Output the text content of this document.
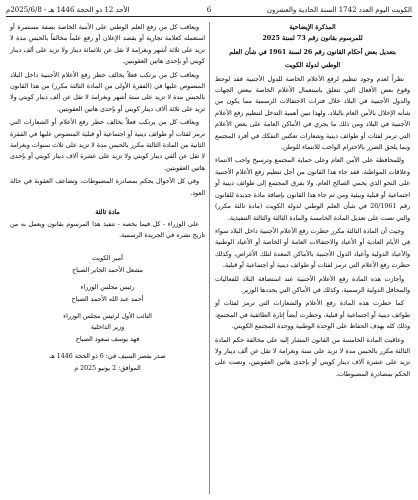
الكويت اليوم العدد 1742 السنة الحادية والعشرون
6
الأحد 12 ذو الحجة 1446 هـ - 2025/6/8م

المذكرة الإيضاحية

للمرسوم بقانون رقم 73 لسنة 2025

بتعديل بعض أحكام القانون رقم 26 لسنة 1961 في شأن العلم

الوطني لدولة الكويت

نظراً لعدم وجود تنظيم لرفع الأعلام الخاصة للدول الأجنبية فقد لوحظ وقوع بعض الأفعال التي تتعلق باستعمال الأعلام الخاصة ببعض الجهات والدول الأجنبية في البلاد خلال فترات الاحتفالات الرسمية مما يكون من شأنه الإخلال بالأمن العام بالبلاد، ولهذا تبين أهمية التدخل لتنظيم رفع الأعلام الأجنبية في البلاد ومن ذلك ما يجري في الأماكن العامة على بعض الأعلام التي ترمز لفئات أو طوائف دينية وشعارات تعكس التفكك في أفرد المجتمع وبما يلحق الضرر بالاحترام الواجب للانتماء للوطن.

وللمحافظة على الأمن العام وعلى حماية المجتمع وترسيخ واجب الانتماء وعلاقات المواطنة، فقد جاء هذا القانون من أجل تنظيم رفع الأعلام الأجنبية على النحو الذي يحمي الصالح العام، ولا يفرق المجتمع إلى طوائف دينية أو اجتماعية أو قبلية وبيئية ومن ثم جاء هذا القانون بإضافة مادة جديدة للقانون رقم 26/1961 في شأن العلم الوطني لدولة الكويت (مادة ثالثة مكرر) والتي نصت على تعديل المادة الخامسة والمادة الثالثة والثالثة التنفيذية.

وحيث أن المادة الثالثة مكرر حظرت رفع الأعلام الأجنبية داخل البلاد سواء في الأيام العادية أو الأعياد والاحتفالات العامة أو الخاصة أو الأعياد الوطنية والأعياد الدولية وأعياد الدول الأجنبية بالأماكن المعدة لتلك الأغراض، وكذلك حظرت رفع الأعلام التي ترمز لفئات أو طوائف دينية أو اجتماعية أو قبلية.

وأجازت هذه المادة رفع الأعلام الأجنبية عند استضافة البلاد للفعاليات والمحافل الدولية الرسمية، وكذلك في الأماكن التي يحددها الوزير.

كما حظرت هذه المادة رفع الأعلام والشعارات التي ترمز لفئات أو طوائف دينية أو اجتماعية أو قبلية، وحظرت أيضاً إثارة الطائفية في المجتمع، وذلك كله بهدف الحفاظ على الوحدة الوطنية ووحدة المجتمع الكويتي.

وعاقبت المادة الخامسة من القانون المشار إليه على مخالفة حكم المادة الثالثة مكرر بالحبس مدة لا تزيد على سنة وبغرامة لا تقل عن ألف دينار ولا تزيد على عشرة آلاف دينار كويتي أو بإحدى هاتين العقوبتين، ونصت على الحكم بمصادرة المضبوطات.

ويعاقب كل من رفع العلم الوطني على الأبنية الخاصة بصفة مستمرة أو استعمله كعلامة تجارية أو بقصد الإعلان أو رفع علماً مخالفاً بالحبس مدة لا تزيد على ثلاثة أشهر وبغرامة لا تقل عن ثلاثمائة دينار ولا تزيد على ألف دينار كويتي أو بإحدى هاتين العقوبتين.

ويعاقب كل من يرتكب فعلاً يخالف حظر رفع الأعلام الأجنبية داخل البلاد المنصوص عليها في (الفقرة الأولى من المادة الثالثة مكرر) من هذا القانون بالحبس مدة لا تزيد على ستة أشهر وبغرامة لا تقل عن ألف دينار كويتي ولا تزيد على ثلاثة آلاف دينار كويتي أو بإحدى هاتين العقوبتين.

ويعاقب كل من يرتكب فعلاً يخالف حظر رفع الأعلام أو الشعارات التي ترمز لفئات أو طوائف دينية أو اجتماعية أو قبلية المنصوص عليها في الفقرة الثانية من المادة الثالثة مكرر بالحبس مدة لا تزيد على ثلاث سنوات وبغرامة لا تقل عن ألفي دينار كويتي ولا تزيد على عشرة آلاف دينار كويتي أو بإحدى هاتين العقوبتين.

وفي كل الأحوال يحكم بمصادرة المضبوطات، وتضاعف العقوبة في حالة العود.

مادة ثالثة

على الوزراء - كل فيما يخصه - تنفيذ هذا المرسوم بقانون ويعمل به من تاريخ نشره في الجريدة الرسمية.

أمير الكويت

مشعل الأحمد الجابر الصباح

رئيس مجلس الوزراء

أحمد عبد الله الأحمد الصباح

النائب الأول لرئيس مجلس الوزراء

وزير الداخلية

فهد يوسف سعود الصباح

صدر بقصر السيف في: 6 ذو الحجة 1446 هـ

الموافق: 2 يونيو 2025 م
